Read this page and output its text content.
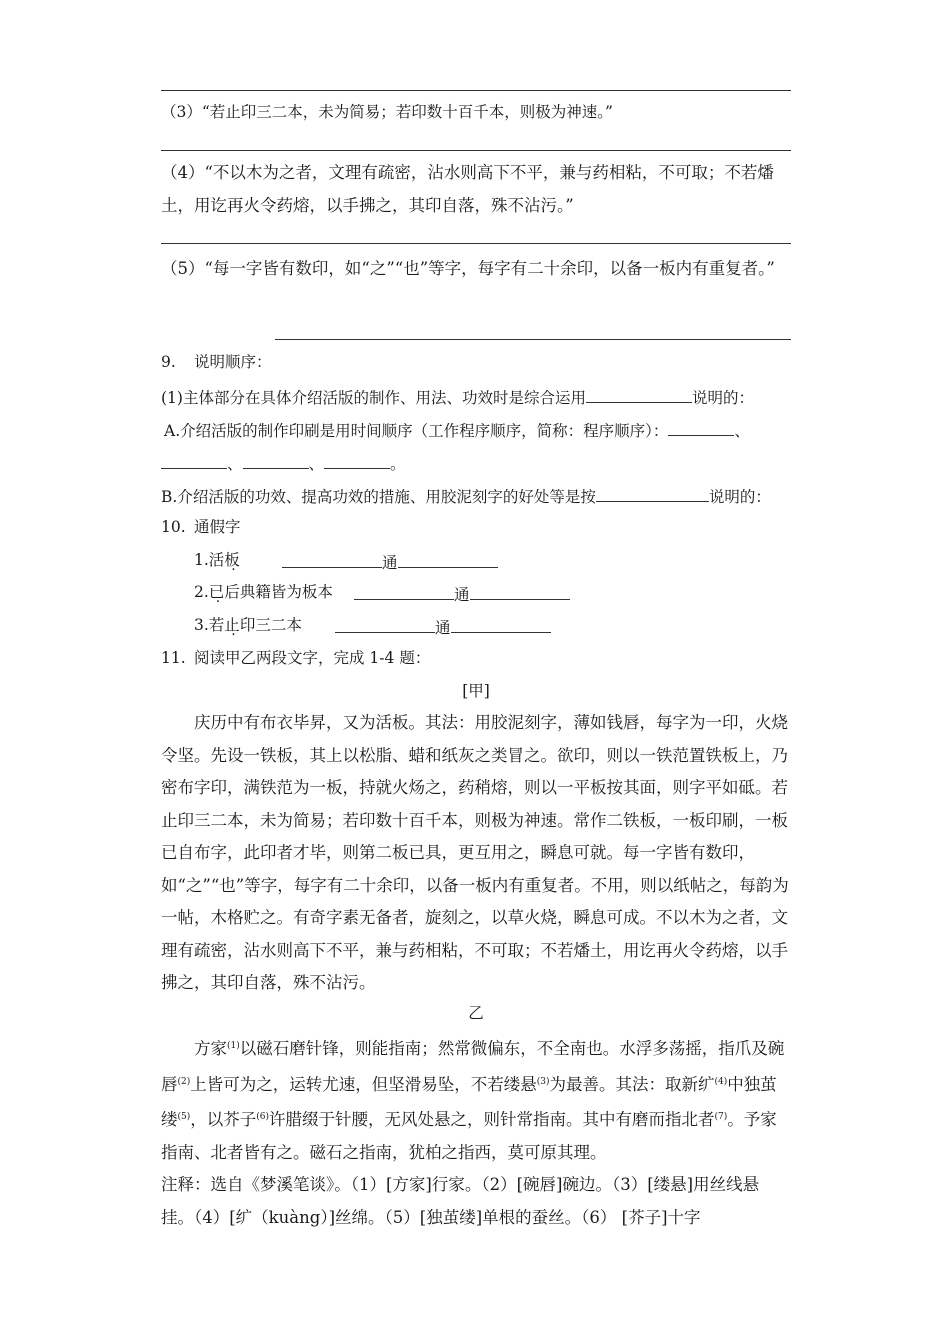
（3）“若止印三二本，未为简易；若印数十百千本，则极为神速。”
（4）“不以木为之者，文理有疏密，沾水则高下不平，兼与药相粘，不可取；不若燔土，用讫再火令药熔，以手拂之，其印自落，殊不沾污。”
（5）“每一字皆有数印，如“之”“也”等字，每字有二十余印，以备一板内有重复者。”
9. 说明顺序：
(1)主体部分在具体介绍活版的制作、用法、功效时是综合运用	说明的：
A.介绍活版的制作印刷是用时间顺序（工作程序顺序，简称：程序顺序）：	、
、	、	。
B.介绍活版的功效、提高功效的措施、用胶泥刻字的好处等是按	说明的：
10. 通假字
1.活板	通
2.已后典籍皆为板本	通
3.若止印三二本	通
11. 阅读甲乙两段文字，完成 1-4 题：
[甲]

庆历中有布衣毕昇，又为活板。其法：用胶泥刻字，薄如钱唇，每字为一印，火烧令坚。先设一铁板，其上以松脂、蜡和纸灰之类冒之。欲印，则以一铁范置铁板上，乃密布字印，满铁范为一板，持就火炀之，药稍熔，则以一平板按其面，则字平如砥。若止印三二本，未为简易；若印数十百千本，则极为神速。常作二铁板，一板印刷，一板已自布字，此印者才毕，则第二板已具，更互用之，瞬息可就。每一字皆有数印，如“之”“也”等字，每字有二十余印，以备一板内有重复者。不用，则以纸帖之，每韵为一帖，木格贮之。有奇字素无备者，旋刻之，以草火烧，瞬息可成。不以木为之者，文理有疏密，沾水则高下不平，兼与药相粘，不可取；不若燔土，用讫再火令药熔，以手拂之，其印自落，殊不沾污。

乙

方家$^{(1)}$以磁石磨针锋，则能指南；然常微偏东，不全南也。水浮多荡摇，指爪及碗唇$^{(2)}$上皆可为之，运转尤速，但坚滑易坠，不若缕悬$^{(3)}$为最善。其法：取新纩$^{(4)}$中独茧缕$^{(5)}$，以芥子$^{(6)}$许腊缀于针腰，无风处悬之，则针常指南。其中有磨而指北者$^{(7)}$。予家指南、北者皆有之。磁石之指南，犹柏之指西，莫可原其理。

注释：选自《梦溪笔谈》。（1）[方家]行家。（2）[碗唇]碗边。（3）[缕悬]用丝线悬挂。（4）[纩（kuàng）]丝绵。（5）[独茧缕]单根的蚕丝。（6） [芥子]十字
